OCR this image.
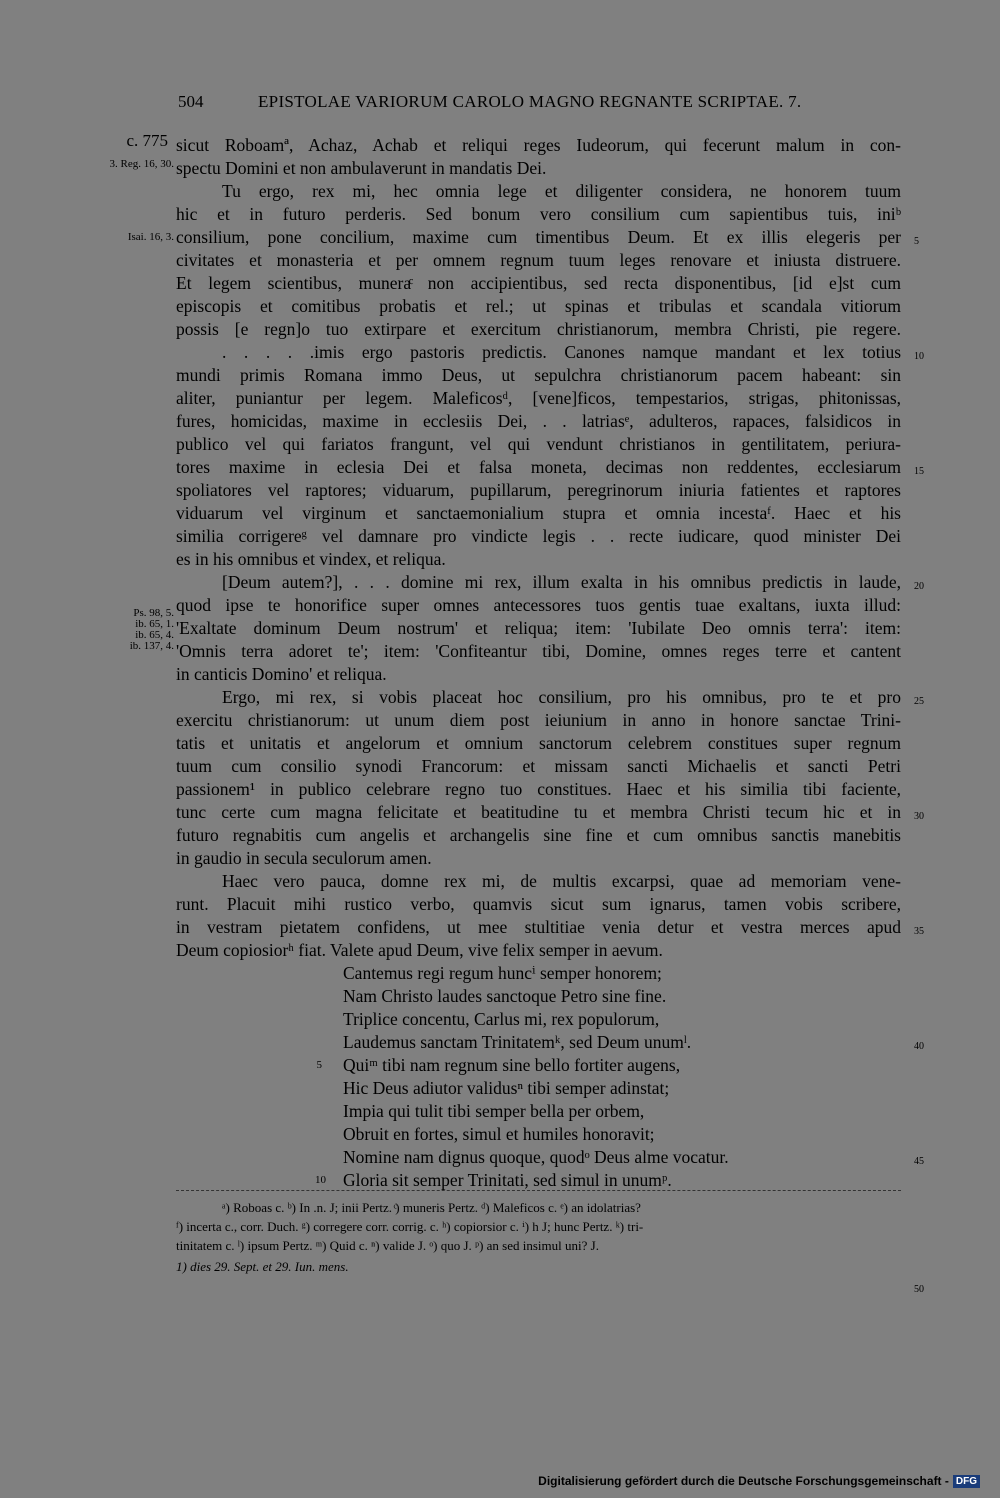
504	EPISTOLAE VARIORUM CAROLO MAGNO REGNANTE SCRIPTAE. 7.
c. 775
3. Reg. 16, 30.
Isai. 16, 3.
Ps. 98, 5.
ib. 65, 1.
ib. 65, 4.
ib. 137, 4.
sicut Roboamª, Achaz, Achab et reliqui reges Iudeorum, qui fecerunt malum in con-
spectu Domini et non ambulaverunt in mandatis Dei.
Tu ergo, rex mi, hec omnia lege et diligenter considera, ne honorem tuum
hic et in futuro perderis. Sed bonum vero consilium cum sapientibus tuis, iniᵇ
consilium, pone concilium, maxime cum timentibus Deum. Et ex illis elegeris per
civitates et monasteria et per omnem regnum tuum leges renovare et iniusta distruere.
Et legem scientibus, muneraͨ non accipientibus, sed recta disponentibus, [id e]st cum
episcopis et comitibus probatis et rel.; ut spinas et tribulas et scandala vitiorum
possis [e regn]o tuo extirpare et exercitum christianorum, membra Christi, pie regere.
. . . . .imis ergo pastoris predictis. Canones namque mandant et lex totius
mundi primis Romana immo Deus, ut sepulchra christianorum pacem habeant: sin
aliter, puniantur per legem. Maleficosᵈ, [vene]ficos, tempestarios, strigas, phitonissas,
fures, homicidas, maxime in ecclesiis Dei, . . latriasᵉ, adulteros, rapaces, falsidicos in
publico vel qui fariatos frangunt, vel qui vendunt christianos in gentilitatem, periura-
tores maxime in eclesia Dei et falsa moneta, decimas non reddentes, ecclesiarum
spoliatores vel raptores; viduarum, pupillarum, peregrinorum iniuria fatientes et raptores
viduarum vel virginum et sanctaemonialium stupra et omnia incestaᶠ. Haec et his
similia corrigereᵍ vel damnare pro vindicte legis . . recte iudicare, quod minister Dei
es in his omnibus et vindex, et reliqua.
[Deum autem?], . . . domine mi rex, illum exalta in his omnibus predictis in laude,
quod ipse te honorifice super omnes antecessores tuos gentis tuae exaltans, iuxta illud:
'Exaltate dominum Deum nostrum' et reliqua; item: 'Iubilate Deo omnis terra': item:
'Omnis terra adoret te'; item: 'Confiteantur tibi, Domine, omnes reges terre et cantent
in canticis Domino' et reliqua.
Ergo, mi rex, si vobis placeat hoc consilium, pro his omnibus, pro te et pro
exercitu christianorum: ut unum diem post ieiunium in anno in honore sanctae Trini-
tatis et unitatis et angelorum et omnium sanctorum celebrem constitues super regnum
tuum cum consilio synodi Francorum: et missam sancti Michaelis et sancti Petri
passionem¹ in publico celebrare regno tuo constitues. Haec et his similia tibi faciente,
tunc certe cum magna felicitate et beatitudine tu et membra Christi tecum hic et in
futuro regnabitis cum angelis et archangelis sine fine et cum omnibus sanctis manebitis
in gaudio in secula seculorum amen.
Haec vero pauca, domne rex mi, de multis excarpsi, quae ad memoriam vene-
runt. Placuit mihi rustico verbo, quamvis sicut sum ignarus, tamen vobis scribere,
in vestram pietatem confidens, ut mee stultitiae venia detur et vestra merces apud
Deum copiosiorʰ fiat. Valete apud Deum, vive felix semper in aevum.
Cantemus regi regum huncⁱ semper honorem;
Nam Christo laudes sanctoque Petro sine fine.
Triplice concentu, Carlus mi, rex populorum,
Laudemus sanctam Trinitatemᵏ, sed Deum unumˡ.
Quiᵐ tibi nam regnum sine bello fortiter augens,
Hic Deus adiutor validusⁿ tibi semper adinstat;
Impia qui tulit tibi semper bella per orbem,
Obruit en fortes, simul et humiles honoravit;
Nomine nam dignus quoque, quodᵒ Deus alme vocatur.
Gloria sit semper Trinitati, sed simul in unumᵖ.
5
10
5
10
15
20
25
30
35
40
45
50
ᵃ) Roboas c. ᵇ) In .n. J; inii Pertz. ͨ) muneris Pertz. ᵈ) Maleficos c. ᵉ) an idolatrias?
ᶠ) incerta c., corr. Duch. ᵍ) corregere corr. corrig. c. ʰ) copiorsior c. ⁱ) h J; hunc Pertz. ᵏ) tri-
tinitatem c. ˡ) ipsum Pertz. ᵐ) Quid c. ⁿ) valide J. ᵒ) quo J. ᵖ) an sed insimul uni? J.
1) dies 29. Sept. et 29. Iun. mens.
Digitalisierung gefördert durch die Deutsche Forschungsgemeinschaft - DFG
